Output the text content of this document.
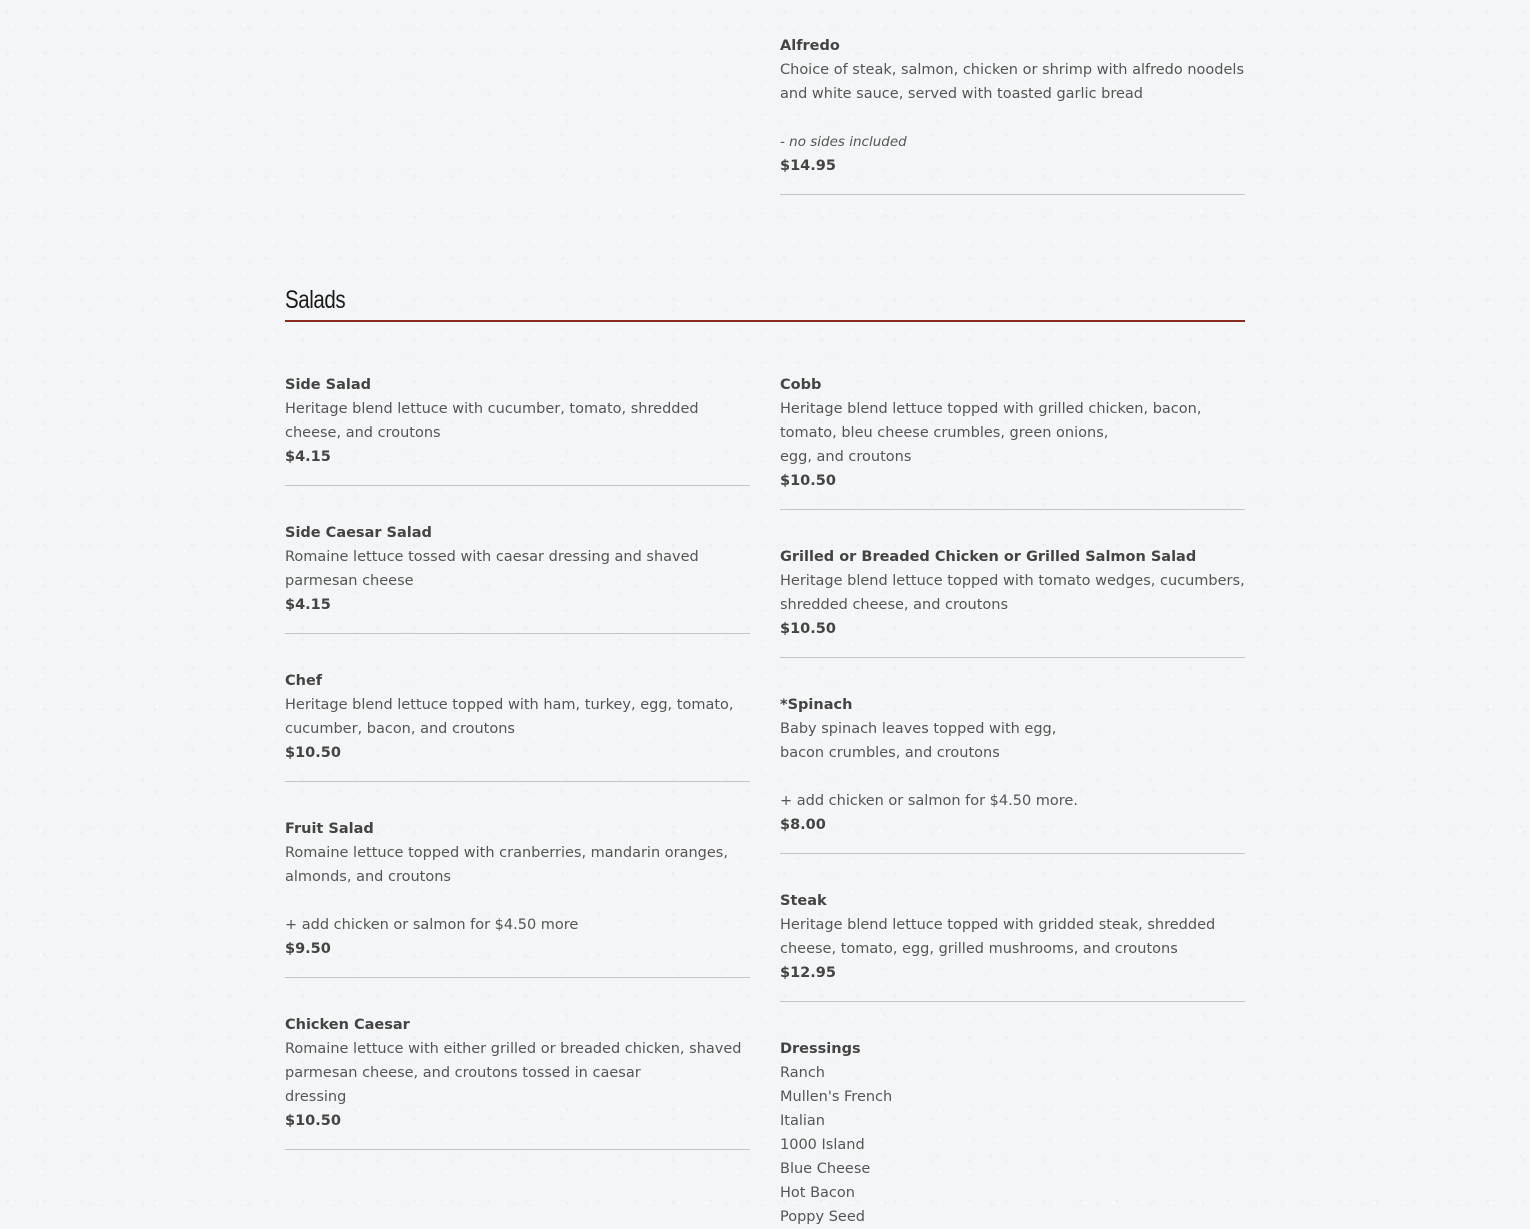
Alfredo
Choice of steak, salmon, chicken or shrimp with alfredo noodels and white sauce, served with toasted garlic bread
- no sides included
$14.95
Salads
Side Salad
Heritage blend lettuce with cucumber, tomato, shredded cheese, and croutons
$4.15
Side Caesar Salad
Romaine lettuce tossed with caesar dressing and shaved parmesan cheese
$4.15
Chef
Heritage blend lettuce topped with ham, turkey, egg, tomato, cucumber, bacon, and croutons
$10.50
Fruit Salad
Romaine lettuce topped with cranberries, mandarin oranges, almonds, and croutons
+ add chicken or salmon for $4.50 more
$9.50
Chicken Caesar
Romaine lettuce with either grilled or breaded chicken, shaved parmesan cheese, and croutons tossed in caesar
dressing
$10.50
Cobb
Heritage blend lettuce topped with grilled chicken, bacon, tomato, bleu cheese crumbles, green onions,
egg, and croutons
$10.50
Grilled or Breaded Chicken or Grilled Salmon Salad
Heritage blend lettuce topped with tomato wedges, cucumbers, shredded cheese, and croutons
$10.50
*Spinach
Baby spinach leaves topped with egg,
bacon crumbles, and croutons
+ add chicken or salmon for $4.50 more.
$8.00
Steak
Heritage blend lettuce topped with gridded steak, shredded cheese, tomato, egg, grilled mushrooms, and croutons
$12.95
Dressings
Ranch
Mullen's French
Italian
1000 Island
Blue Cheese
Hot Bacon
Poppy Seed
